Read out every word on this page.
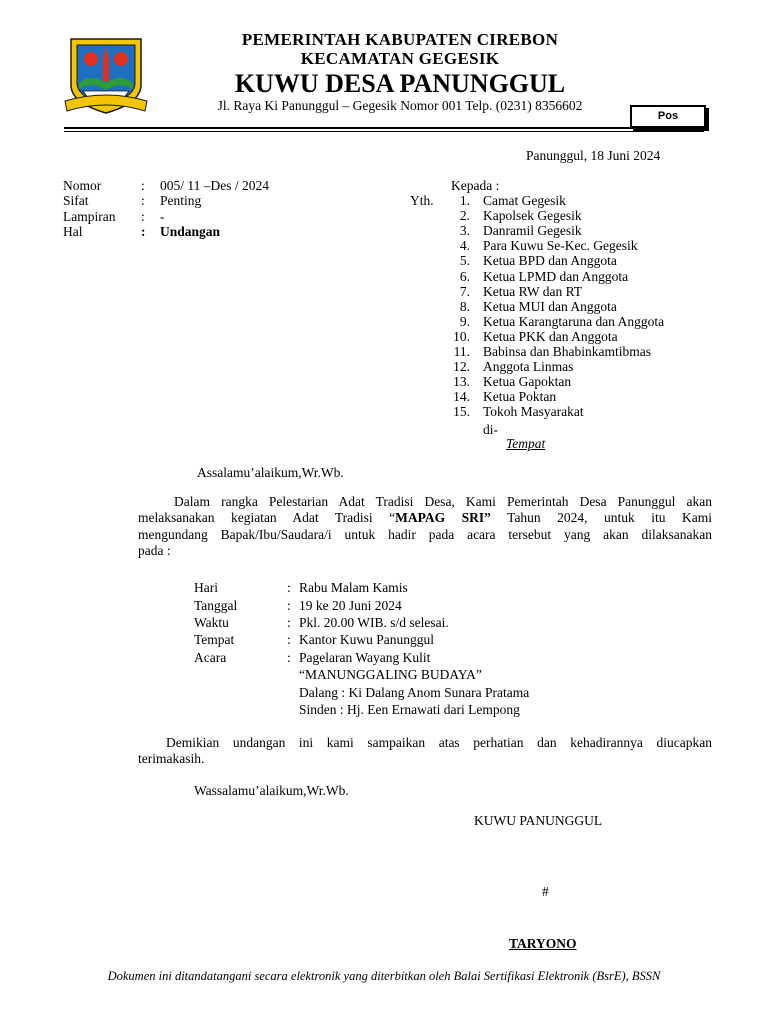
PEMERINTAH KABUPATEN CIREBON
KECAMATAN GEGESIK
KUWU DESA PANUNGGUL
Jl. Raya Ki Panunggul – Gegesik Nomor 001 Telp. (0231) 8356602
Pos
Panunggul, 18 Juni 2024
Nomor	: 005/ 11 –Des / 2024
Sifat	: Penting
Lampiran : -
Hal	: Undangan
Kepada :
Yth.	1. Camat Gegesik
2. Kapolsek Gegesik
3. Danramil Gegesik
4. Para Kuwu Se-Kec. Gegesik
5. Ketua BPD dan Anggota
6. Ketua LPMD dan Anggota
7. Ketua RW dan RT
8. Ketua MUI dan Anggota
9. Ketua Karangtaruna dan Anggota
10. Ketua PKK dan Anggota
11. Babinsa dan Bhabinkamtibmas
12. Anggota Linmas
13. Ketua Gapoktan
14. Ketua Poktan
15. Tokoh Masyarakat
di-
Tempat
Assalamu’alaikum,Wr.Wb.
Dalam rangka Pelestarian Adat Tradisi Desa, Kami Pemerintah Desa Panunggul akan
melaksanakan kegiatan Adat Tradisi “MAPAG SRI” Tahun 2024, untuk itu Kami
mengundang Bapak/Ibu/Saudara/i untuk hadir pada acara tersebut yang akan dilaksanakan
pada :
Hari	: Rabu Malam Kamis
Tanggal	: 19 ke 20 Juni 2024
Waktu	: Pkl. 20.00 WIB. s/d selesai.
Tempat	: Kantor Kuwu Panunggul
Acara	: Pagelaran Wayang Kulit
“MANUNGGALING BUDAYA”
Dalang : Ki Dalang Anom Sunara Pratama
Sinden : Hj. Een Ernawati dari Lempong
Demikian undangan ini kami sampaikan atas perhatian dan kehadirannya diucapkan
terimakasih.
Wassalamu’alaikum,Wr.Wb.
KUWU PANUNGGUL
#
TARYONO
Dokumen ini ditandatangani secara elektronik yang diterbitkan oleh Balai Sertifikasi Elektronik (BsrE), BSSN
